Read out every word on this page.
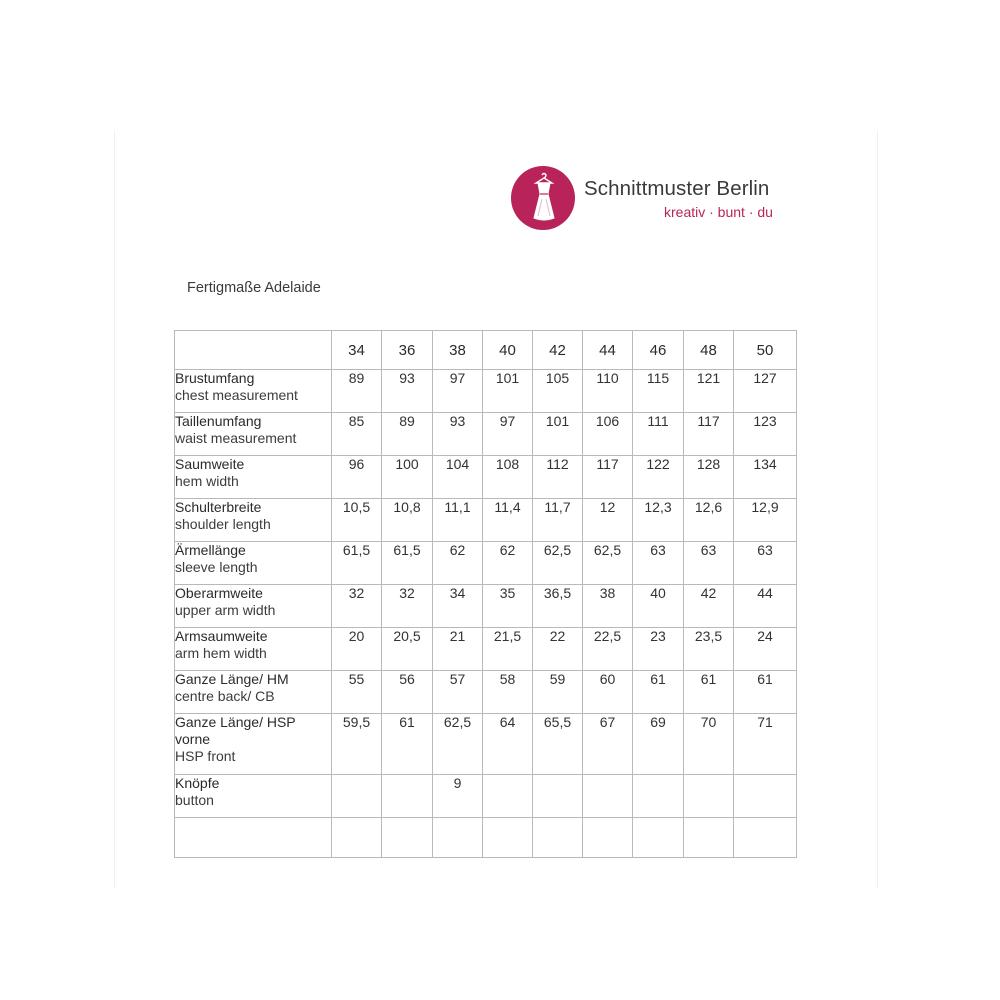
Schnittmuster Berlin
kreativ · bunt · du
Fertigmaße Adelaide
	34	36	38	40	42	44	46	48	50

Brustumfang
chest measurement	89	93	97	101	105	110	115	121	127

Taillenumfang
waist measurement	85	89	93	97	101	106	111	117	123

Saumweite
hem width	96	100	104	108	112	117	122	128	134

Schulterbreite
shoulder length	10,5	10,8	11,1	11,4	11,7	12	12,3	12,6	12,9

Ärmellänge
sleeve length	61,5	61,5	62	62	62,5	62,5	63	63	63

Oberarmweite
upper arm width	32	32	34	35	36,5	38	40	42	44

Armsaumweite
arm hem width	20	20,5	21	21,5	22	22,5	23	23,5	24

Ganze Länge/ HM
centre back/ CB	55	56	57	58	59	60	61	61	61

Ganze Länge/ HSP vorne
HSP front	59,5	61	62,5	64	65,5	67	69	70	71

Knöpfe
button			9						
